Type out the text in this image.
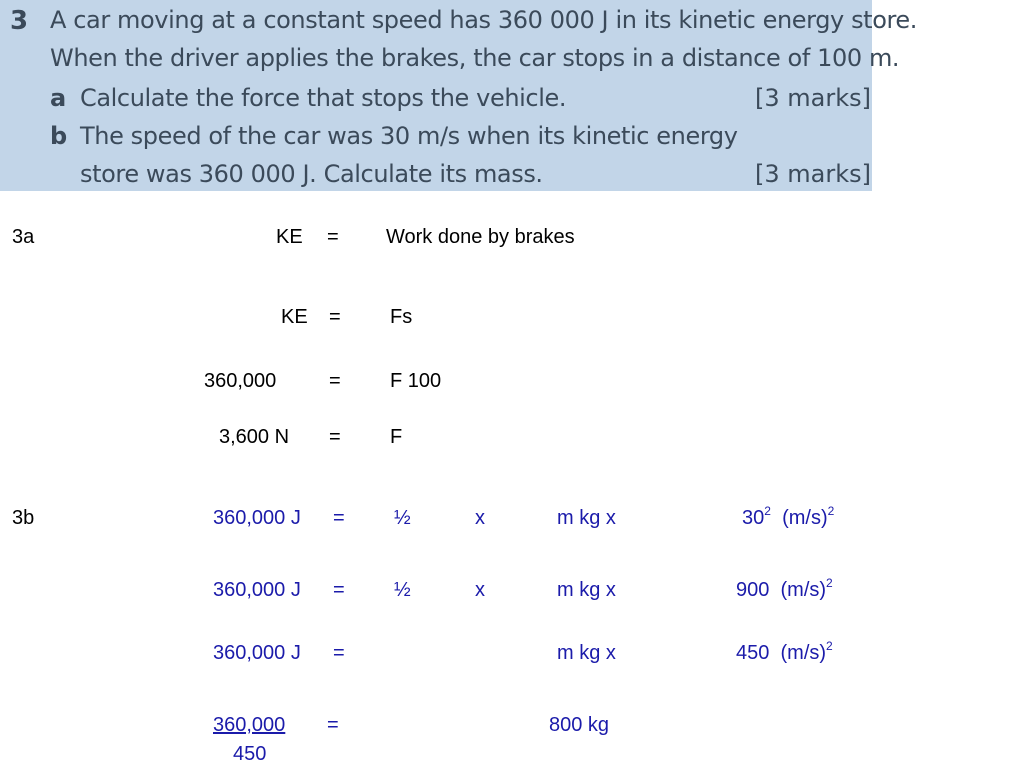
3 A car moving at a constant speed has 360 000 J in its kinetic energy store.
When the driver applies the brakes, the car stops in a distance of 100 m.
a Calculate the force that stops the vehicle.	[3 marks]
b The speed of the car was 30 m/s when its kinetic energy
store was 360 000 J. Calculate its mass.	[3 marks]
3a	KE = Work done by brakes
KE = Fs
360,000	= F 100
3,600 N = F
3b	360,000 J = ½	x	m kg x	$30^2$ $(m/s)^2$
360,000 J = ½	x	m kg x	900 $(m/s)^2$
360,000 J =	m kg x	450 $(m/s)^2$
360,000
450
=	800 kg
